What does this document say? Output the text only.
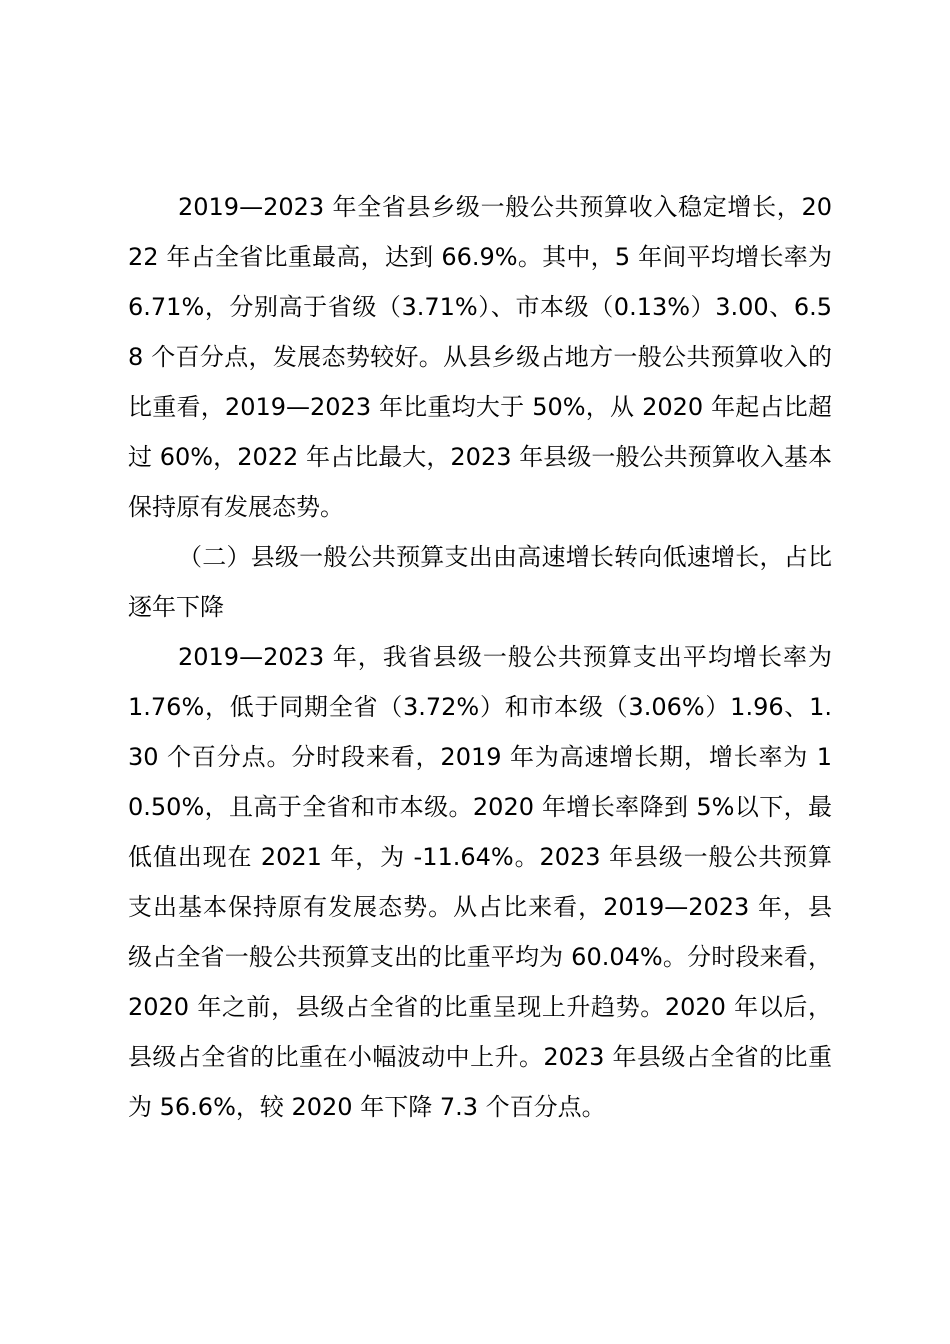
2019—2023 年全省县乡级一般公共预算收入稳定增长，2022 年占全省比重最高，达到 66.9%。其中，5 年间平均增长率为 6.71%，分别高于省级（3.71%）、市本级（0.13%）3.00、6.58 个百分点，发展态势较好。从县乡级占地方一般公共预算收入的比重看，2019—2023 年比重均大于 50%，从 2020 年起占比超过 60%，2022 年占比最大，2023 年县级一般公共预算收入基本保持原有发展态势。

（二）县级一般公共预算支出由高速增长转向低速增长，占比逐年下降

2019—2023 年，我省县级一般公共预算支出平均增长率为 1.76%，低于同期全省（3.72%）和市本级（3.06%）1.96、1.30 个百分点。分时段来看，2019 年为高速增长期，增长率为 10.50%，且高于全省和市本级。2020 年增长率降到 5%以下，最低值出现在 2021 年，为 -11.64%。2023 年县级一般公共预算支出基本保持原有发展态势。从占比来看，2019—2023 年，县级占全省一般公共预算支出的比重平均为 60.04%。分时段来看，2020 年之前，县级占全省的比重呈现上升趋势。2020 年以后，县级占全省的比重在小幅波动中上升。2023 年县级占全省的比重为 56.6%，较 2020 年下降 7.3 个百分点。
